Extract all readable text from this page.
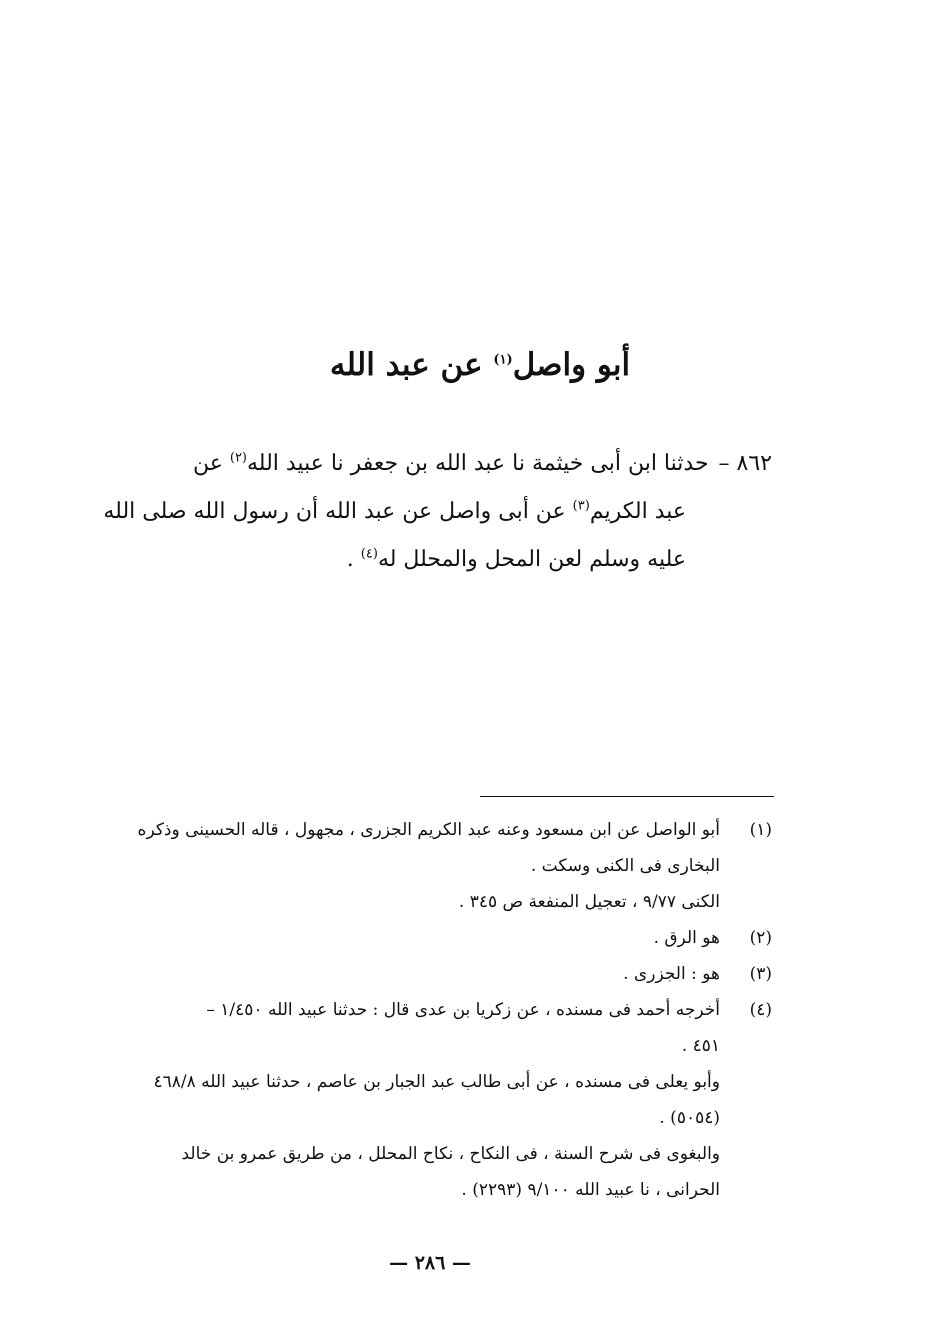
أبو واصل$^{(١)}$ عن عبد الله
٨٦٢ –حدثنا ابن أبى خيثمة نا عبد الله بن جعفر نا عبيد الله$^{(٢)}$ عن
عبد الكريم$^{(٣)}$ عن أبى واصل عن عبد الله أن رسول الله صلى الله
عليه وسلم لعن المحل والمحلل له$^{(٤)}$ .
(١)
أبو الواصل عن ابن مسعود وعنه عبد الكريم الجزرى ، مجهول ، قاله الحسينى وذكره
البخارى فى الكنى وسكت .
الكنى ٩/٧٧ ، تعجيل المنفعة ص ٣٤٥ .
(٢)
هو الرق .
(٣)
هو : الجزرى .
(٤)
أخرجه أحمد فى مسنده ، عن زكريا بن عدى قال : حدثنا عبيد الله ١/٤٥٠ –
٤٥١ .
وأبو يعلى فى مسنده ، عن أبى طالب عبد الجبار بن عاصم ، حدثنا عبيد الله ٤٦٨/٨
(٥٠٥٤) .
والبغوى فى شرح السنة ، فى النكاح ، نكاح المحلل ، من طريق عمرو بن خالد
الحرانى ، نا عبيد الله ٩/١٠٠ (٢٢٩٣) .
— ٢٨٦ —
